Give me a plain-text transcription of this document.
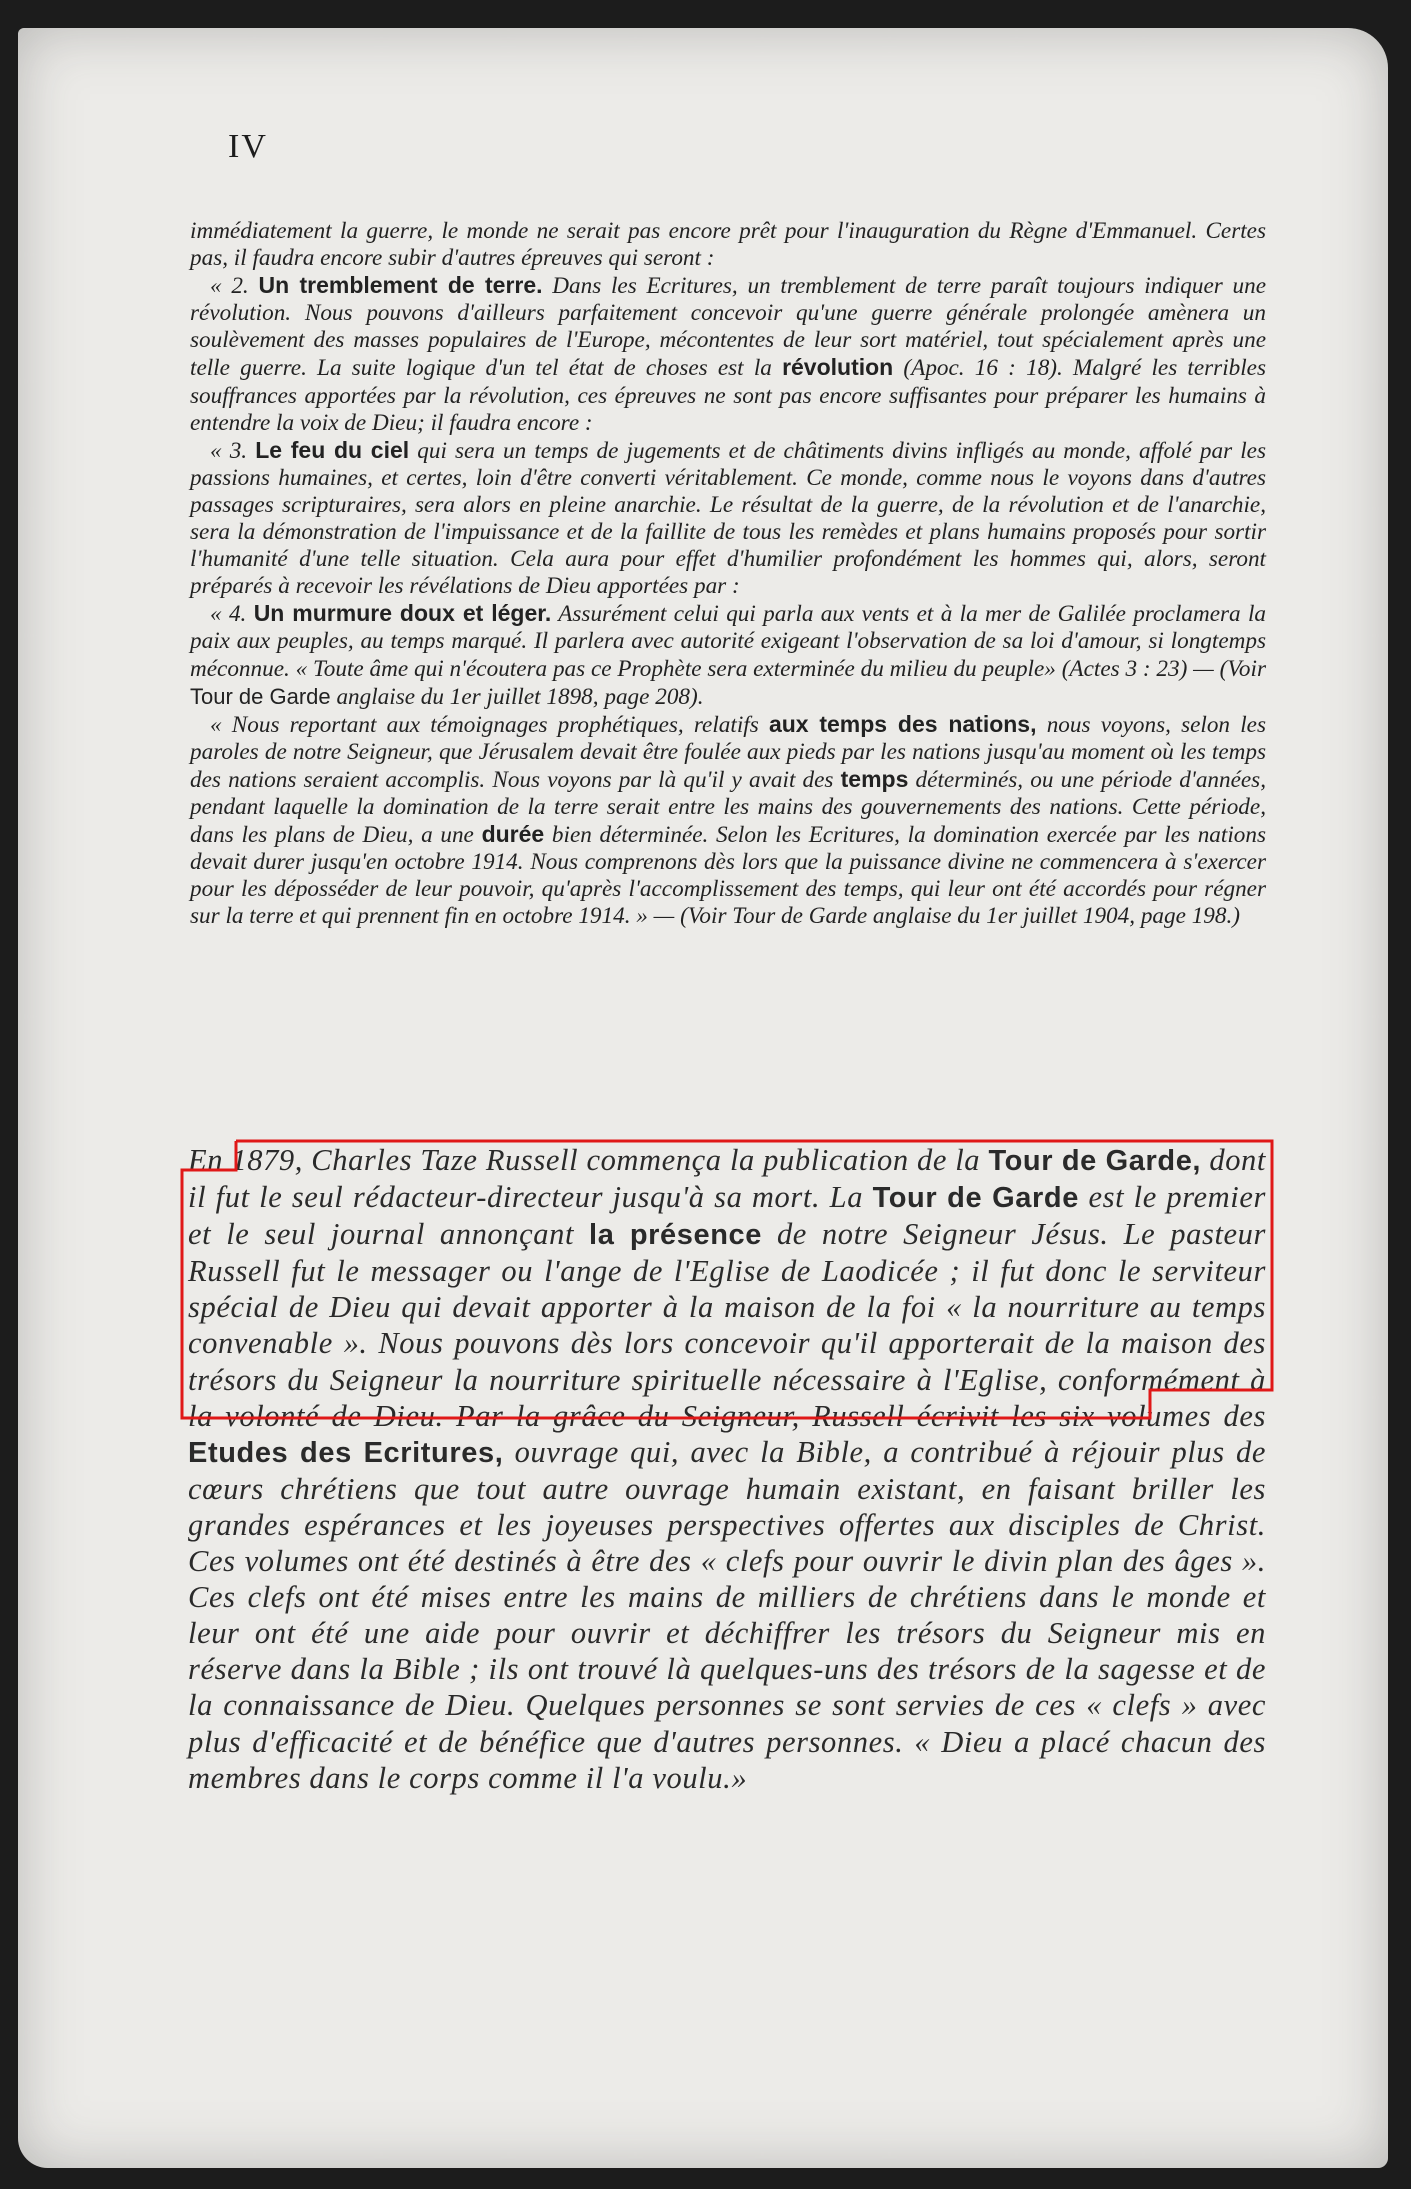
IV

immédiatement la guerre, le monde ne serait pas encore prêt pour l'inauguration du Règne d'Emmanuel. Certes pas, il faudra encore subir d'autres épreuves qui seront :

« 2. Un tremblement de terre. Dans les Ecritures, un tremblement de terre paraît toujours indiquer une révolution. Nous pouvons d'ailleurs parfaitement concevoir qu'une guerre générale prolongée amènera un soulèvement des masses populaires de l'Europe, mécontentes de leur sort matériel, tout spécialement après une telle guerre. La suite logique d'un tel état de choses est la révolution (Apoc. 16 : 18). Malgré les terribles souffrances apportées par la révolution, ces épreuves ne sont pas encore suffisantes pour préparer les humains à entendre la voix de Dieu; il faudra encore :

« 3. Le feu du ciel qui sera un temps de jugements et de châtiments divins infligés au monde, affolé par les passions humaines, et certes, loin d'être converti véritablement. Ce monde, comme nous le voyons dans d'autres passages scripturaires, sera alors en pleine anarchie. Le résultat de la guerre, de la révolution et de l'anarchie, sera la démonstration de l'impuissance et de la faillite de tous les remèdes et plans humains proposés pour sortir l'humanité d'une telle situation. Cela aura pour effet d'humilier profondément les hommes qui, alors, seront préparés à recevoir les révélations de Dieu apportées par :

« 4. Un murmure doux et léger. Assurément celui qui parla aux vents et à la mer de Galilée proclamera la paix aux peuples, au temps marqué. Il parlera avec autorité exigeant l'observation de sa loi d'amour, si longtemps méconnue. « Toute âme qui n'écoutera pas ce Prophète sera exterminée du milieu du peuple» (Actes 3 : 23) — (Voir Tour de Garde anglaise du 1er juillet 1898, page 208).

« Nous reportant aux témoignages prophétiques, relatifs aux temps des nations, nous voyons, selon les paroles de notre Seigneur, que Jérusalem devait être foulée aux pieds par les nations jusqu'au moment où les temps des nations seraient accomplis. Nous voyons par là qu'il y avait des temps déterminés, ou une période d'années, pendant laquelle la domination de la terre serait entre les mains des gouvernements des nations. Cette période, dans les plans de Dieu, a une durée bien déterminée. Selon les Ecritures, la domination exercée par les nations devait durer jusqu'en octobre 1914. Nous comprenons dès lors que la puissance divine ne commencera à s'exercer pour les déposséder de leur pouvoir, qu'après l'accomplissement des temps, qui leur ont été accordés pour régner sur la terre et qui prennent fin en octobre 1914. » — (Voir Tour de Garde anglaise du 1er juillet 1904, page 198.)

En 1879, Charles Taze Russell commença la publication de la Tour de Garde, dont il fut le seul rédacteur-directeur jusqu'à sa mort. La Tour de Garde est le premier et le seul journal annonçant la présence de notre Seigneur Jésus. Le pasteur Russell fut le messager ou l'ange de l'Eglise de Laodicée ; il fut donc le serviteur spécial de Dieu qui devait apporter à la maison de la foi « la nourriture au temps convenable ». Nous pouvons dès lors concevoir qu'il apporterait de la maison des trésors du Seigneur la nourriture spirituelle nécessaire à l'Eglise, conformément à la volonté de Dieu. Par la grâce du Seigneur, Russell écrivit les six volumes des Etudes des Ecritures, ouvrage qui, avec la Bible, a contribué à réjouir plus de cœurs chrétiens que tout autre ouvrage humain existant, en faisant briller les grandes espérances et les joyeuses perspectives offertes aux disciples de Christ. Ces volumes ont été destinés à être des « clefs pour ouvrir le divin plan des âges ». Ces clefs ont été mises entre les mains de milliers de chrétiens dans le monde et leur ont été une aide pour ouvrir et déchiffrer les trésors du Seigneur mis en réserve dans la Bible ; ils ont trouvé là quelques-uns des trésors de la sagesse et de la connaissance de Dieu. Quelques personnes se sont servies de ces « clefs » avec plus d'efficacité et de bénéfice que d'autres personnes. « Dieu a placé chacun des membres dans le corps comme il l'a voulu.»
